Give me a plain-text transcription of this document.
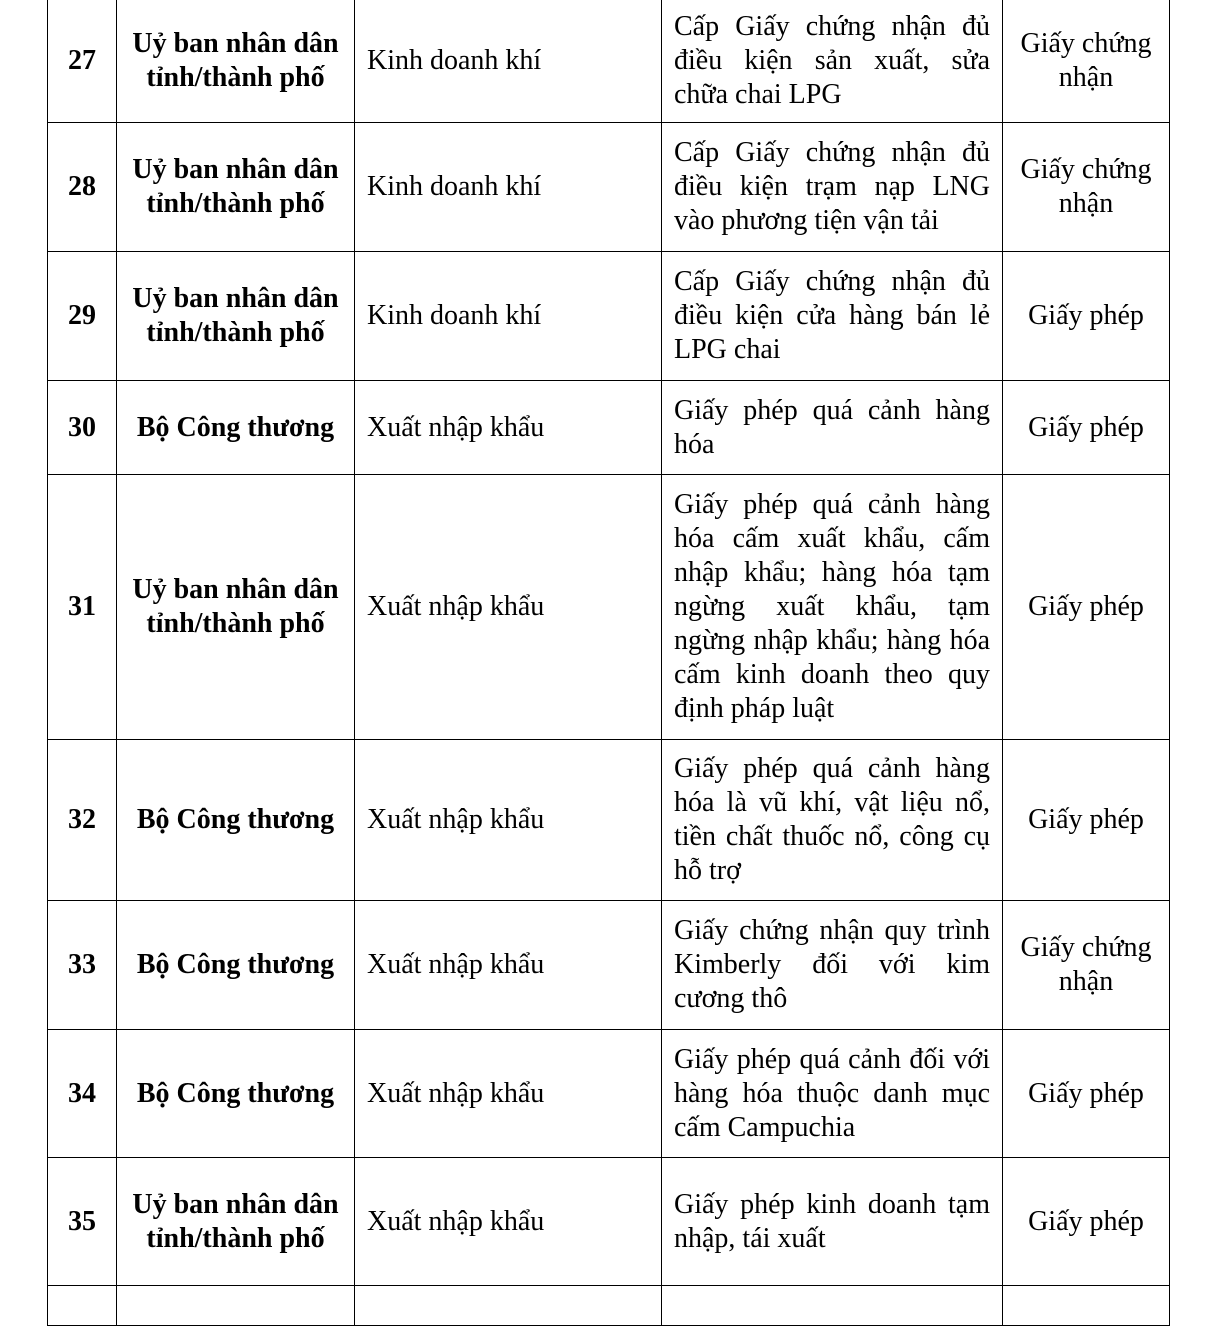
27	Uỷ ban nhân dân tỉnh/thành phố	Kinh doanh khí	Cấp Giấy chứng nhận đủ điều kiện sản xuất, sửa chữa chai LPG	Giấy chứng nhận
28	Uỷ ban nhân dân tỉnh/thành phố	Kinh doanh khí	Cấp Giấy chứng nhận đủ điều kiện trạm nạp LNG vào phương tiện vận tải	Giấy chứng nhận
29	Uỷ ban nhân dân tỉnh/thành phố	Kinh doanh khí	Cấp Giấy chứng nhận đủ điều kiện cửa hàng bán lẻ LPG chai	Giấy phép
30	Bộ Công thương	Xuất nhập khẩu	Giấy phép quá cảnh hàng hóa	Giấy phép
31	Uỷ ban nhân dân tỉnh/thành phố	Xuất nhập khẩu	Giấy phép quá cảnh hàng hóa cấm xuất khẩu, cấm nhập khẩu; hàng hóa tạm ngừng xuất khẩu, tạm ngừng nhập khẩu; hàng hóa cấm kinh doanh theo quy định pháp luật	Giấy phép
32	Bộ Công thương	Xuất nhập khẩu	Giấy phép quá cảnh hàng hóa là vũ khí, vật liệu nổ, tiền chất thuốc nổ, công cụ hỗ trợ	Giấy phép
33	Bộ Công thương	Xuất nhập khẩu	Giấy chứng nhận quy trình Kimberly đối với kim cương thô	Giấy chứng nhận
34	Bộ Công thương	Xuất nhập khẩu	Giấy phép quá cảnh đối với hàng hóa thuộc danh mục cấm Campuchia	Giấy phép
35	Uỷ ban nhân dân tỉnh/thành phố	Xuất nhập khẩu	Giấy phép kinh doanh tạm nhập, tái xuất	Giấy phép
